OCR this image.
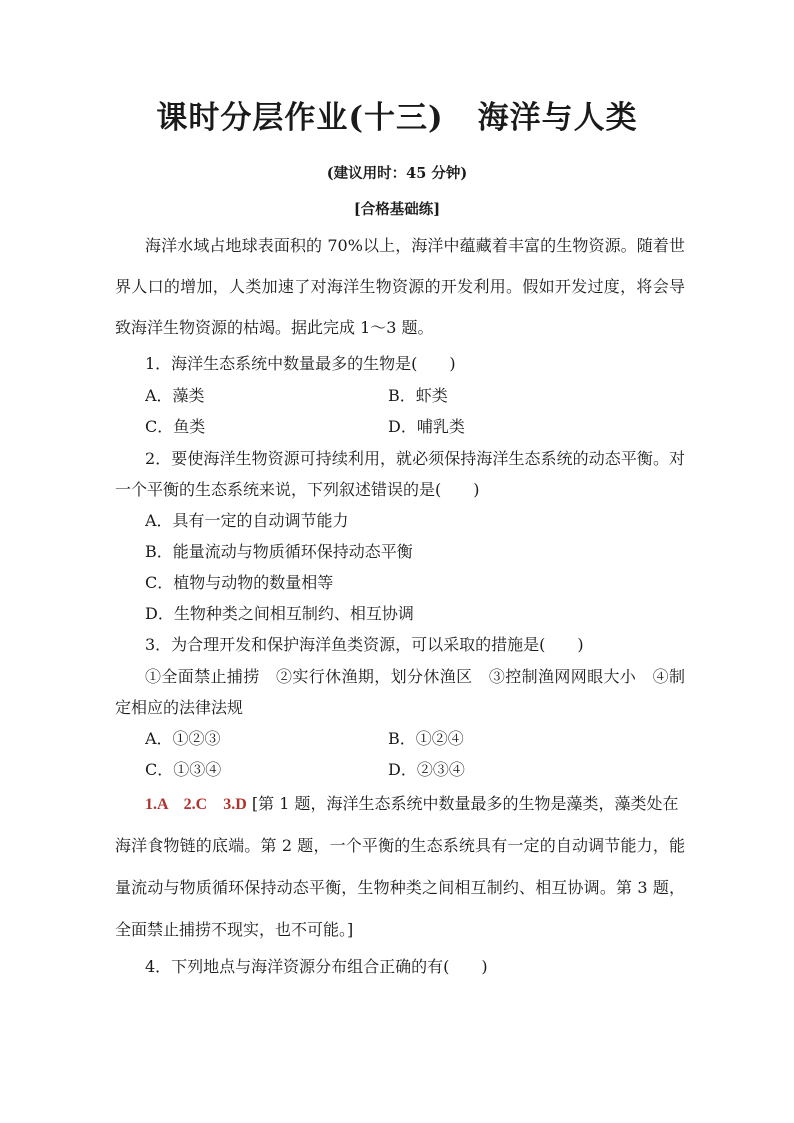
课时分层作业(十三) 海洋与人类
(建议用时：45 分钟)
[合格基础练]
海洋水域占地球表面积的 70%以上，海洋中蕴藏着丰富的生物资源。随着世
界人口的增加，人类加速了对海洋生物资源的开发利用。假如开发过度，将会导
致海洋生物资源的枯竭。据此完成 1～3 题。
1．海洋生态系统中数量最多的生物是(　　)
A．藻类	B．虾类
C．鱼类	D．哺乳类
2．要使海洋生物资源可持续利用，就必须保持海洋生态系统的动态平衡。对
一个平衡的生态系统来说，下列叙述错误的是(　　)
A．具有一定的自动调节能力
B．能量流动与物质循环保持动态平衡
C．植物与动物的数量相等
D．生物种类之间相互制约、相互协调
3．为合理开发和保护海洋鱼类资源，可以采取的措施是(　　)
①全面禁止捕捞　②实行休渔期，划分休渔区　③控制渔网网眼大小　④制
定相应的法律法规
A．①②③	B．①②④
C．①③④	D．②③④
1.A　2.C　3.D [第 1 题，海洋生态系统中数量最多的生物是藻类，藻类处在
海洋食物链的底端。第 2 题，一个平衡的生态系统具有一定的自动调节能力，能
量流动与物质循环保持动态平衡，生物种类之间相互制约、相互协调。第 3 题，
全面禁止捕捞不现实，也不可能。]
4．下列地点与海洋资源分布组合正确的有(　　)
